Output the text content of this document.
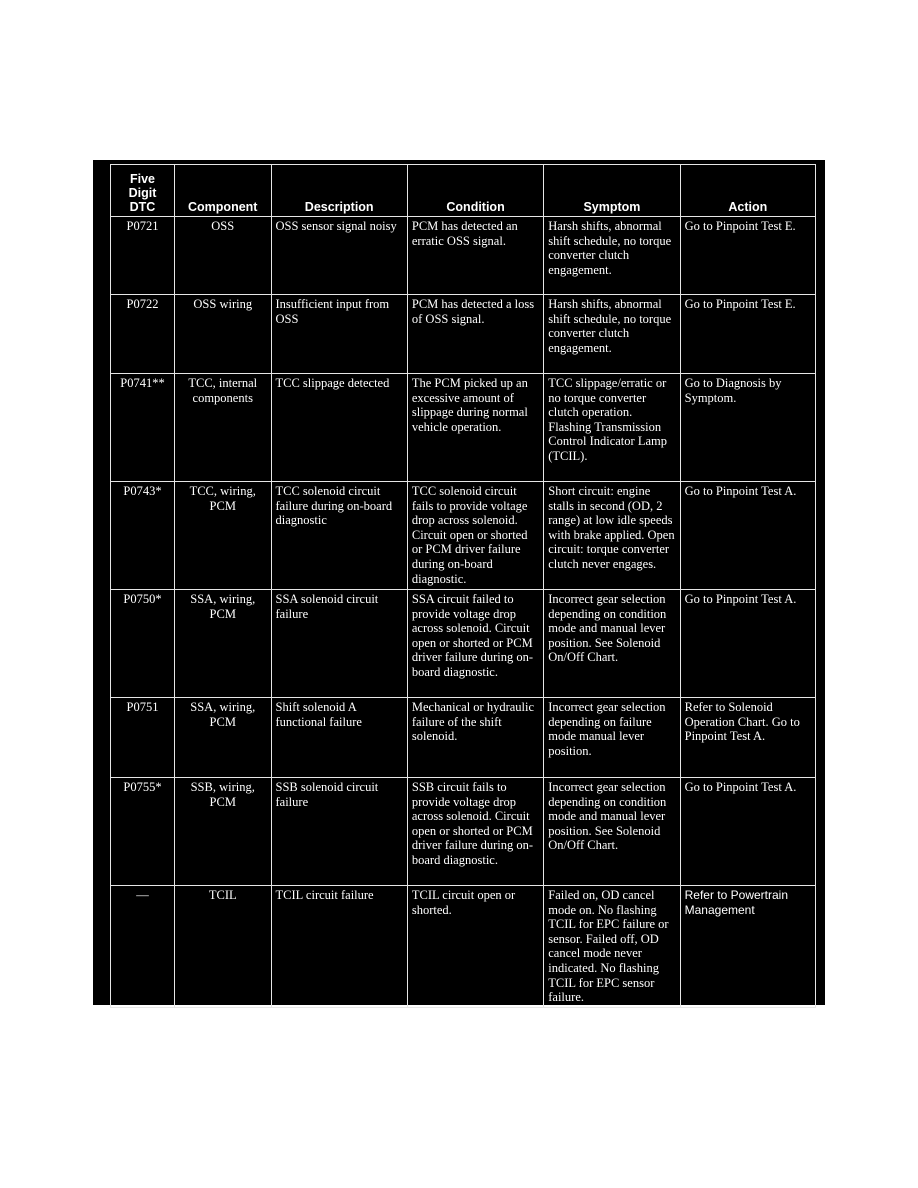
Five Digit DTC	Component	Description	Condition	Symptom	Action
P0721	OSS	OSS sensor signal noisy	PCM has detected an erratic OSS signal.	Harsh shifts, abnormal shift schedule, no torque converter clutch engagement.	Go to Pinpoint Test E.
P0722	OSS wiring	Insufficient input from OSS	PCM has detected a loss of OSS signal.	Harsh shifts, abnormal shift schedule, no torque converter clutch engagement.	Go to Pinpoint Test E.
P0741**	TCC, internal components	TCC slippage detected	The PCM picked up an excessive amount of slippage during normal vehicle operation.	TCC slippage/erratic or no torque converter clutch operation. Flashing Transmission Control Indicator Lamp (TCIL).	Go to Diagnosis by Symptom.
P0743*	TCC, wiring, PCM	TCC solenoid circuit failure during on-board diagnostic	TCC solenoid circuit fails to provide voltage drop across solenoid. Circuit open or shorted or PCM driver failure during on-board diagnostic.	Short circuit: engine stalls in second (OD, 2 range) at low idle speeds with brake applied. Open circuit: torque converter clutch never engages.	Go to Pinpoint Test A.
P0750*	SSA, wiring, PCM	SSA solenoid circuit failure	SSA circuit failed to provide voltage drop across solenoid. Circuit open or shorted or PCM driver failure during on-board diagnostic.	Incorrect gear selection depending on condition mode and manual lever position. See Solenoid On/Off Chart.	Go to Pinpoint Test A.
P0751	SSA, wiring, PCM	Shift solenoid A functional failure	Mechanical or hydraulic failure of the shift solenoid.	Incorrect gear selection depending on failure mode manual lever position.	Refer to Solenoid Operation Chart. Go to Pinpoint Test A.
P0755*	SSB, wiring, PCM	SSB solenoid circuit failure	SSB circuit fails to provide voltage drop across solenoid. Circuit open or shorted or PCM driver failure during on-board diagnostic.	Incorrect gear selection depending on condition mode and manual lever position. See Solenoid On/Off Chart.	Go to Pinpoint Test A.
—	TCIL	TCIL circuit failure	TCIL circuit open or shorted.	Failed on, OD cancel mode on. No flashing TCIL for EPC failure or sensor. Failed off, OD cancel mode never indicated. No flashing TCIL for EPC sensor failure.	Refer to Powertrain Management
